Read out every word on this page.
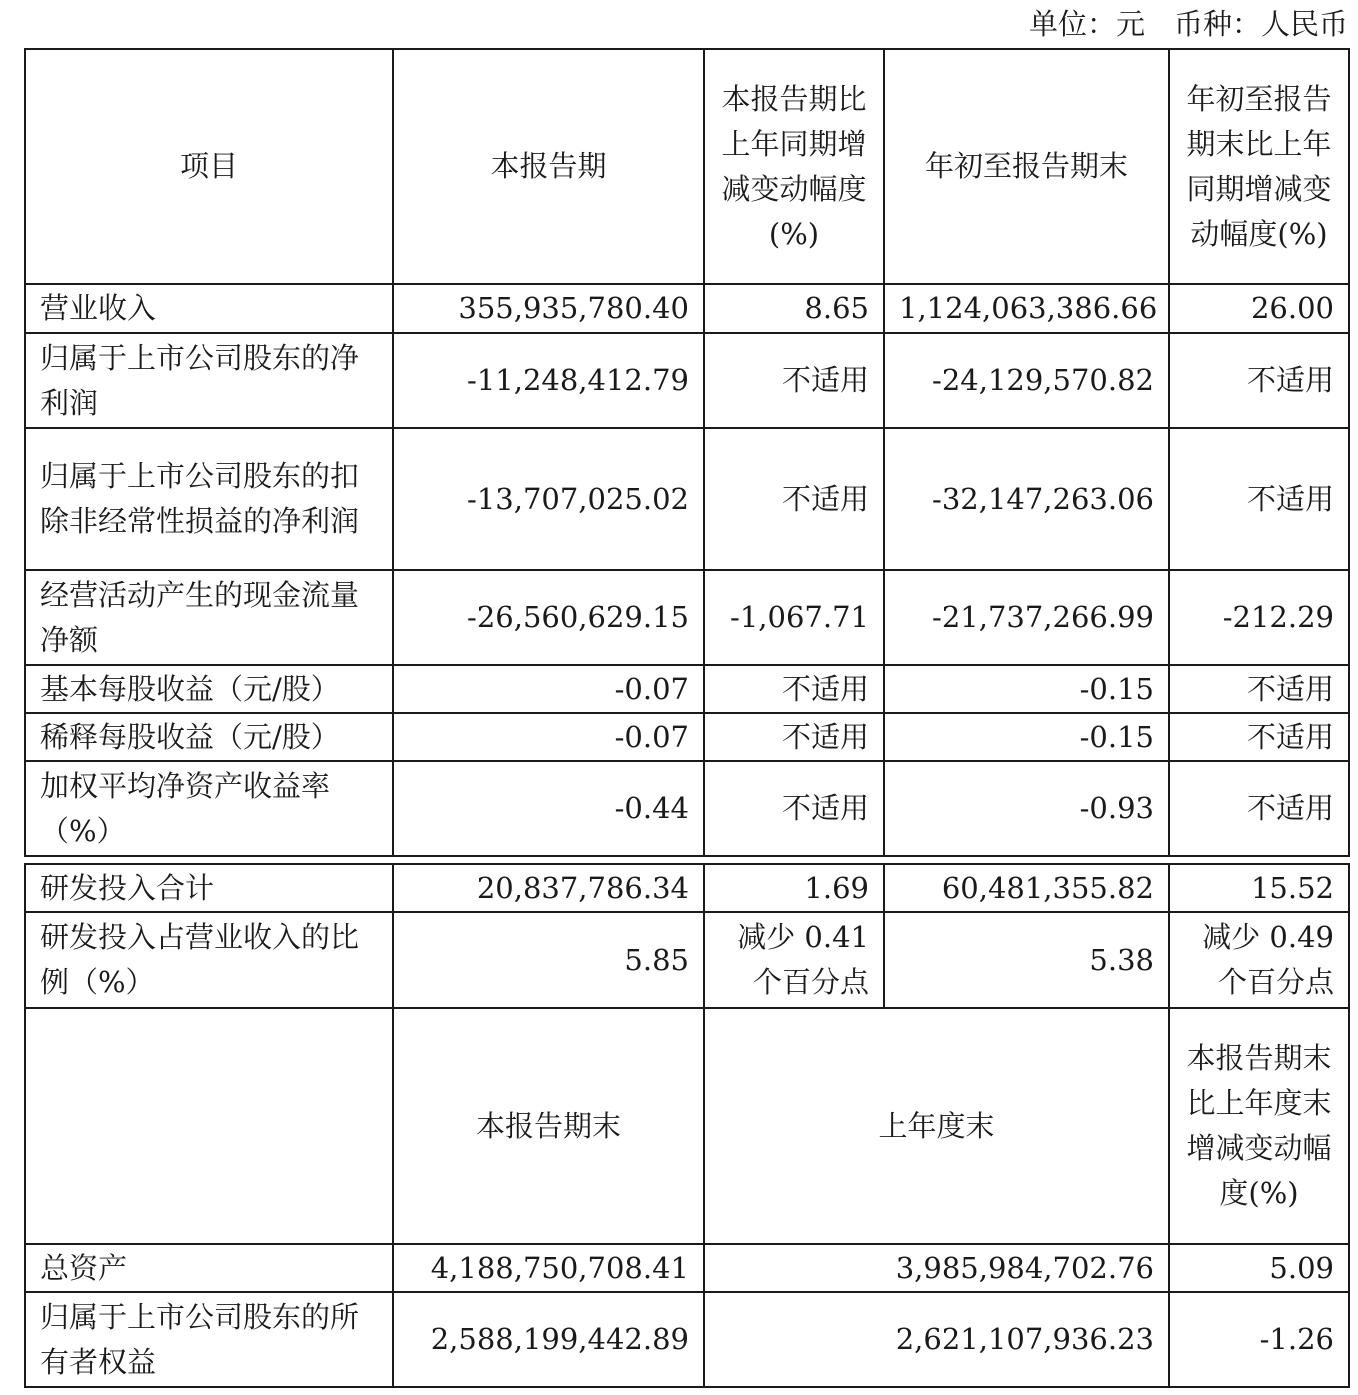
单位：元　币种：人民币
项目	本报告期	本报告期比上年同期增减变动幅度(%)	年初至报告期末	年初至报告期末比上年同期增减变动幅度(%)
营业收入	355,935,780.40	8.65	1,124,063,386.66	26.00
归属于上市公司股东的净利润	-11,248,412.79	不适用	-24,129,570.82	不适用
归属于上市公司股东的扣除非经常性损益的净利润	-13,707,025.02	不适用	-32,147,263.06	不适用
经营活动产生的现金流量净额	-26,560,629.15	-1,067.71	-21,737,266.99	-212.29
基本每股收益（元/股）	-0.07	不适用	-0.15	不适用
稀释每股收益（元/股）	-0.07	不适用	-0.15	不适用
加权平均净资产收益率（%）	-0.44	不适用	-0.93	不适用
研发投入合计	20,837,786.34	1.69	60,481,355.82	15.52
研发投入占营业收入的比例（%）	5.85	减少 0.41 个百分点	5.38	减少 0.49 个百分点
	本报告期末	上年度末		本报告期末比上年度末增减变动幅度(%)
总资产	4,188,750,708.41	3,985,984,702.76		5.09
归属于上市公司股东的所有者权益	2,588,199,442.89	2,621,107,936.23		-1.26
